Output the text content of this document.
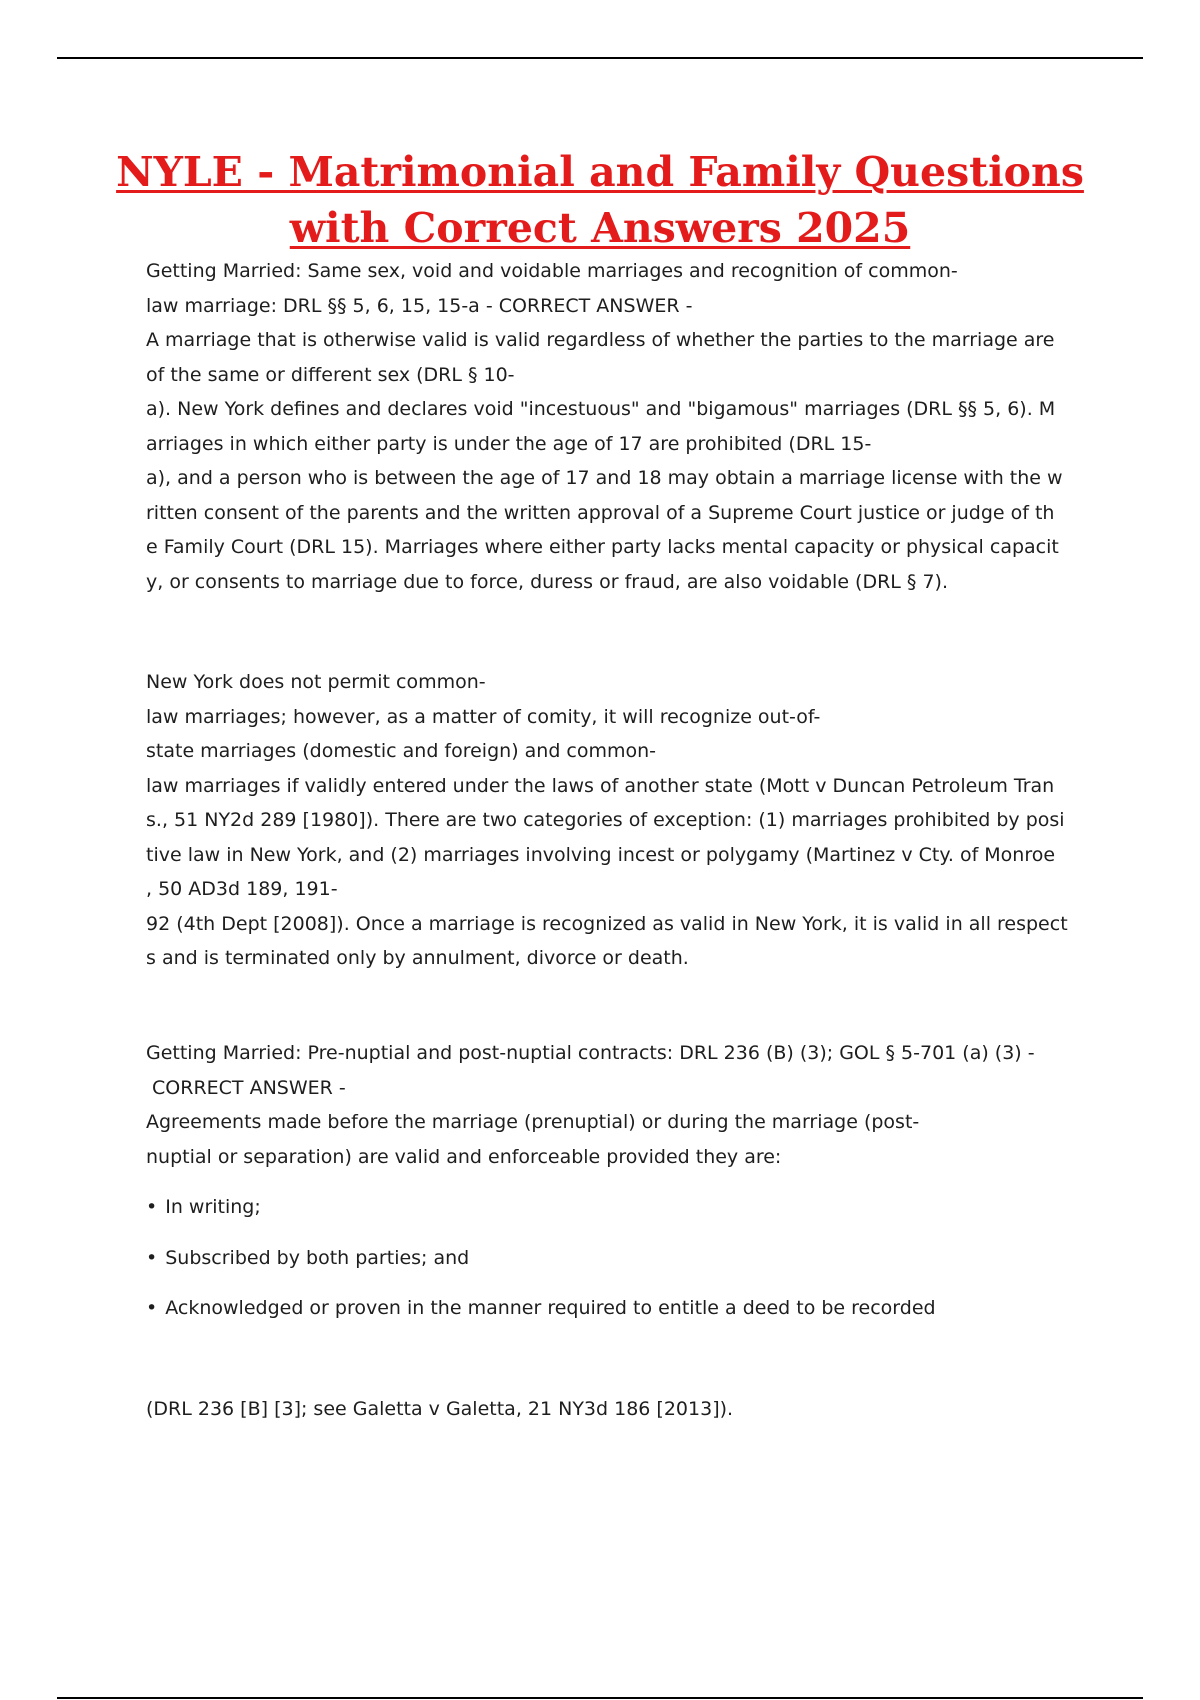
NYLE - Matrimonial and Family Questions
with Correct Answers 2025
Getting Married: Same sex, void and voidable marriages and recognition of common-
law marriage: DRL §§ 5, 6, 15, 15-a - CORRECT ANSWER -
A marriage that is otherwise valid is valid regardless of whether the parties to the marriage are
of the same or different sex (DRL § 10-
a). New York defines and declares void "incestuous" and "bigamous" marriages (DRL §§ 5, 6). M
arriages in which either party is under the age of 17 are prohibited (DRL 15-
a), and a person who is between the age of 17 and 18 may obtain a marriage license with the w
ritten consent of the parents and the written approval of a Supreme Court justice or judge of th
e Family Court (DRL 15). Marriages where either party lacks mental capacity or physical capacit
y, or consents to marriage due to force, duress or fraud, are also voidable (DRL § 7).
New York does not permit common-
law marriages; however, as a matter of comity, it will recognize out-of-
state marriages (domestic and foreign) and common-
law marriages if validly entered under the laws of another state (Mott v Duncan Petroleum Tran
s., 51 NY2d 289 [1980]). There are two categories of exception: (1) marriages prohibited by posi
tive law in New York, and (2) marriages involving incest or polygamy (Martinez v Cty. of Monroe
, 50 AD3d 189, 191-
92 (4th Dept [2008]). Once a marriage is recognized as valid in New York, it is valid in all respect
s and is terminated only by annulment, divorce or death.
Getting Married: Pre-nuptial and post-nuptial contracts: DRL 236 (B) (3); GOL § 5-701 (a) (3) -
CORRECT ANSWER -
Agreements made before the marriage (prenuptial) or during the marriage (post-
nuptial or separation) are valid and enforceable provided they are:
• In writing;
• Subscribed by both parties; and
• Acknowledged or proven in the manner required to entitle a deed to be recorded
(DRL 236 [B] [3]; see Galetta v Galetta, 21 NY3d 186 [2013]).
